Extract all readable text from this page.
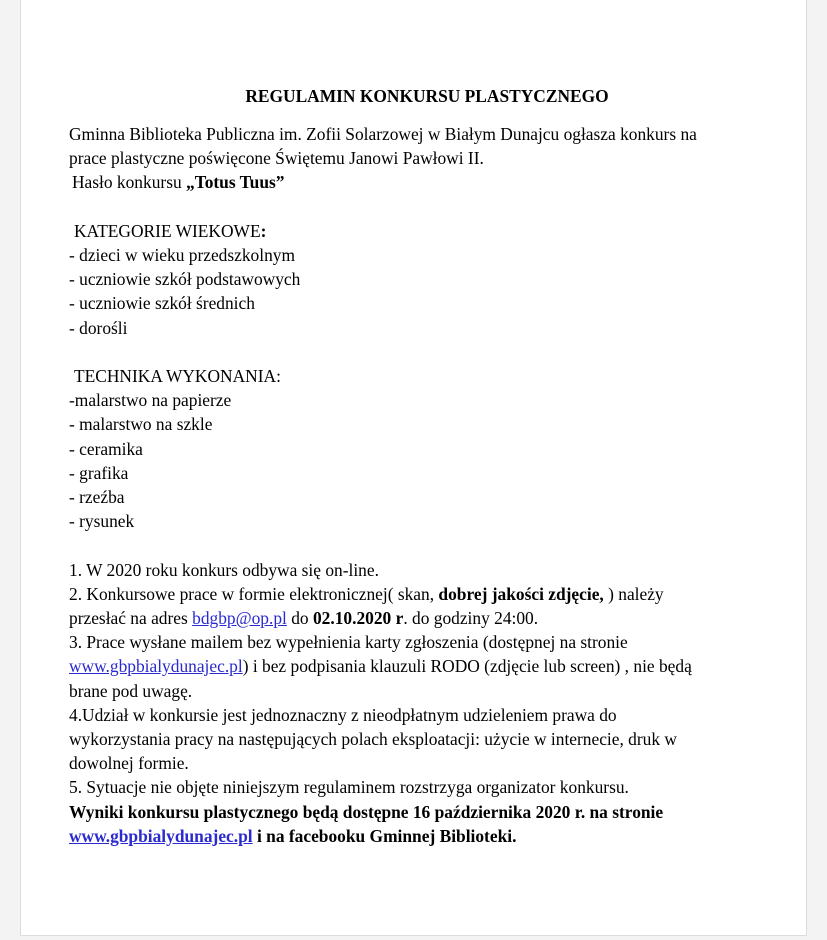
REGULAMIN KONKURSU PLASTYCZNEGO
Gminna Biblioteka Publiczna im. Zofii Solarzowej w Białym Dunajcu ogłasza konkurs na
prace plastyczne poświęcone Świętemu Janowi Pawłowi II.
Hasło konkursu „Totus Tuus”
KATEGORIE WIEKOWE:
- dzieci w wieku przedszkolnym
- uczniowie szkół podstawowych
- uczniowie szkół średnich
- dorośli
TECHNIKA WYKONANIA:
-malarstwo na papierze
- malarstwo na szkle
- ceramika
- grafika
- rzeźba
- rysunek
1. W 2020 roku konkurs odbywa się on-line.
2. Konkursowe prace w formie elektronicznej( skan, dobrej jakości zdjęcie, ) należy
przesłać na adres bdgbp@op.pl do 02.10.2020 r. do godziny 24:00.
3. Prace wysłane mailem bez wypełnienia karty zgłoszenia (dostępnej na stronie
www.gbpbialydunajec.pl) i bez podpisania klauzuli RODO (zdjęcie lub screen) , nie będą
brane pod uwagę.
4.Udział w konkursie jest jednoznaczny z nieodpłatnym udzieleniem prawa do
wykorzystania pracy na następujących polach eksploatacji: użycie w internecie, druk w
dowolnej formie.
5. Sytuacje nie objęte niniejszym regulaminem rozstrzyga organizator konkursu.
Wyniki konkursu plastycznego będą dostępne 16 października 2020 r. na stronie
www.gbpbialydunajec.pl i na facebooku Gminnej Biblioteki.
